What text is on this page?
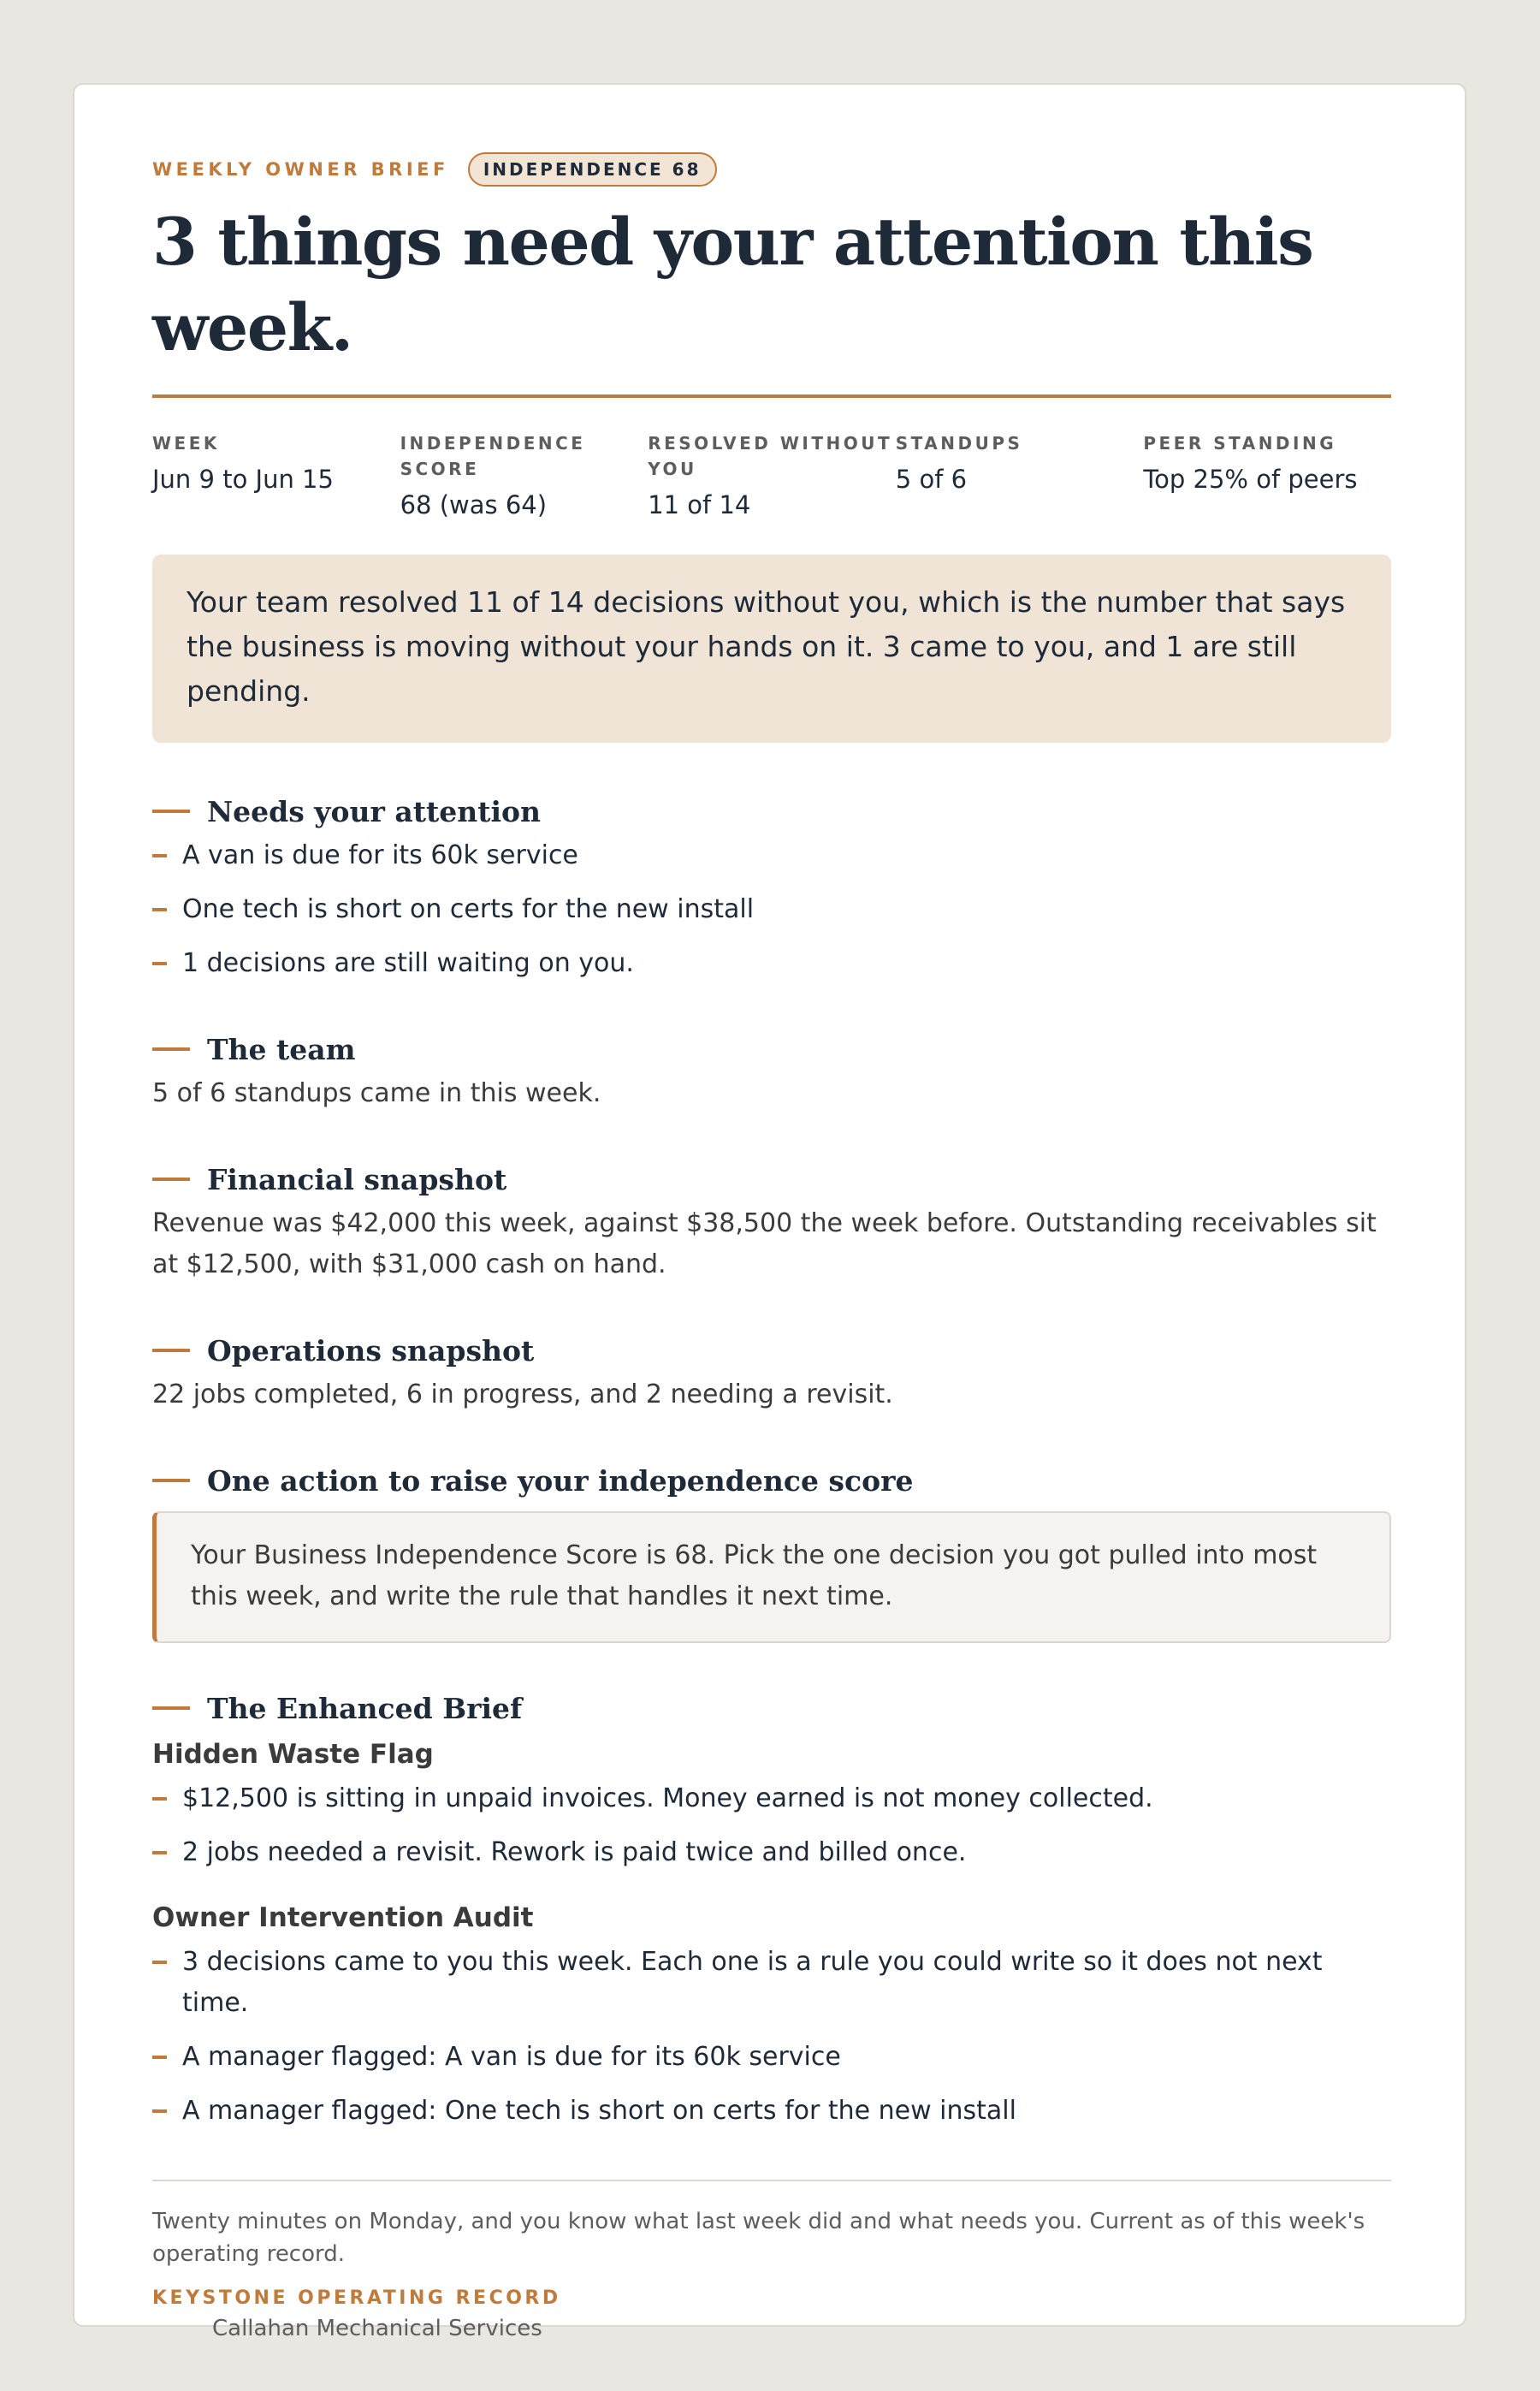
WEEKLY OWNER BRIEF	INDEPENDENCE 68
3 things need your attention this week.
WEEK
Jun 9 to Jun 15
INDEPENDENCE SCORE
68 (was 64)
RESOLVED WITHOUT YOU
11 of 14
STANDUPS
5 of 6
PEER STANDING
Top 25% of peers
Your team resolved 11 of 14 decisions without you, which is the number that says the business is moving without your hands on it. 3 came to you, and 1 are still pending.
Needs your attention
A van is due for its 60k service
One tech is short on certs for the new install
1 decisions are still waiting on you.
The team
5 of 6 standups came in this week.
Financial snapshot
Revenue was $42,000 this week, against $38,500 the week before. Outstanding receivables sit at $12,500, with $31,000 cash on hand.
Operations snapshot
22 jobs completed, 6 in progress, and 2 needing a revisit.
One action to raise your independence score
Your Business Independence Score is 68. Pick the one decision you got pulled into most this week, and write the rule that handles it next time.
The Enhanced Brief
Hidden Waste Flag
$12,500 is sitting in unpaid invoices. Money earned is not money collected.
2 jobs needed a revisit. Rework is paid twice and billed once.
Owner Intervention Audit
3 decisions came to you this week. Each one is a rule you could write so it does not next time.
A manager flagged: A van is due for its 60k service
A manager flagged: One tech is short on certs for the new install
Twenty minutes on Monday, and you know what last week did and what needs you. Current as of this week's operating record.
KEYSTONE OPERATING RECORD
Callahan Mechanical Services
